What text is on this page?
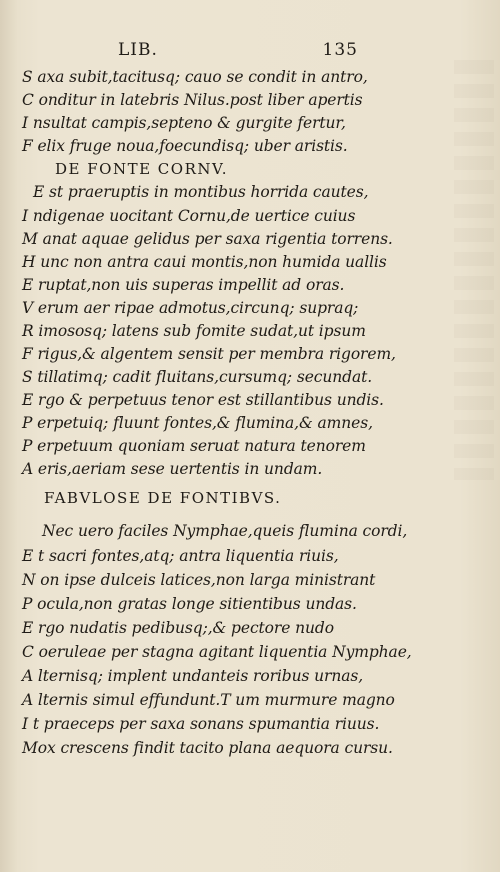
LIB.	135
S axa subit,tacitusq; cauo se condit in antro,
C onditur in latebris Nilus.post liber apertis
I nsultat campis,septeno & gurgite fertur,
F elix fruge noua,foecundisq; uber aristis.
DE FONTE CORNV.
E st praeruptis in montibus horrida cautes,
I ndigenae uocitant Cornu,de uertice cuius
M anat aquae gelidus per saxa rigentia torrens.
H unc non antra caui montis,non humida uallis
E ruptat,non uis superas impellit ad oras.
V erum aer ripae admotus,circunq; supraq;
R imososq; latens sub fomite sudat,ut ipsum
F rigus,& algentem sensit per membra rigorem,
S tillatimq; cadit fluitans,cursumq; secundat.
E rgo & perpetuus tenor est stillantibus undis.
P erpetuiq; fluunt fontes,& flumina,& amnes,
P erpetuum quoniam seruat natura tenorem
A eris,aeriam sese uertentis in undam.
FABVLOSE DE FONTIBVS.
Nec uero faciles Nymphae,queis flumina cordi,
E t sacri fontes,atq; antra liquentia riuis,
N on ipse dulceis latices,non larga ministrant
P ocula,non gratas longe sitientibus undas.
E rgo nudatis pedibusq;,& pectore nudo
C oeruleae per stagna agitant liquentia Nymphae,
A lternisq; implent undanteis roribus urnas,
A lternis simul effundunt.T um murmure magno
I t praeceps per saxa sonans spumantia riuus.
Mox crescens findit tacito plana aequora cursu.
